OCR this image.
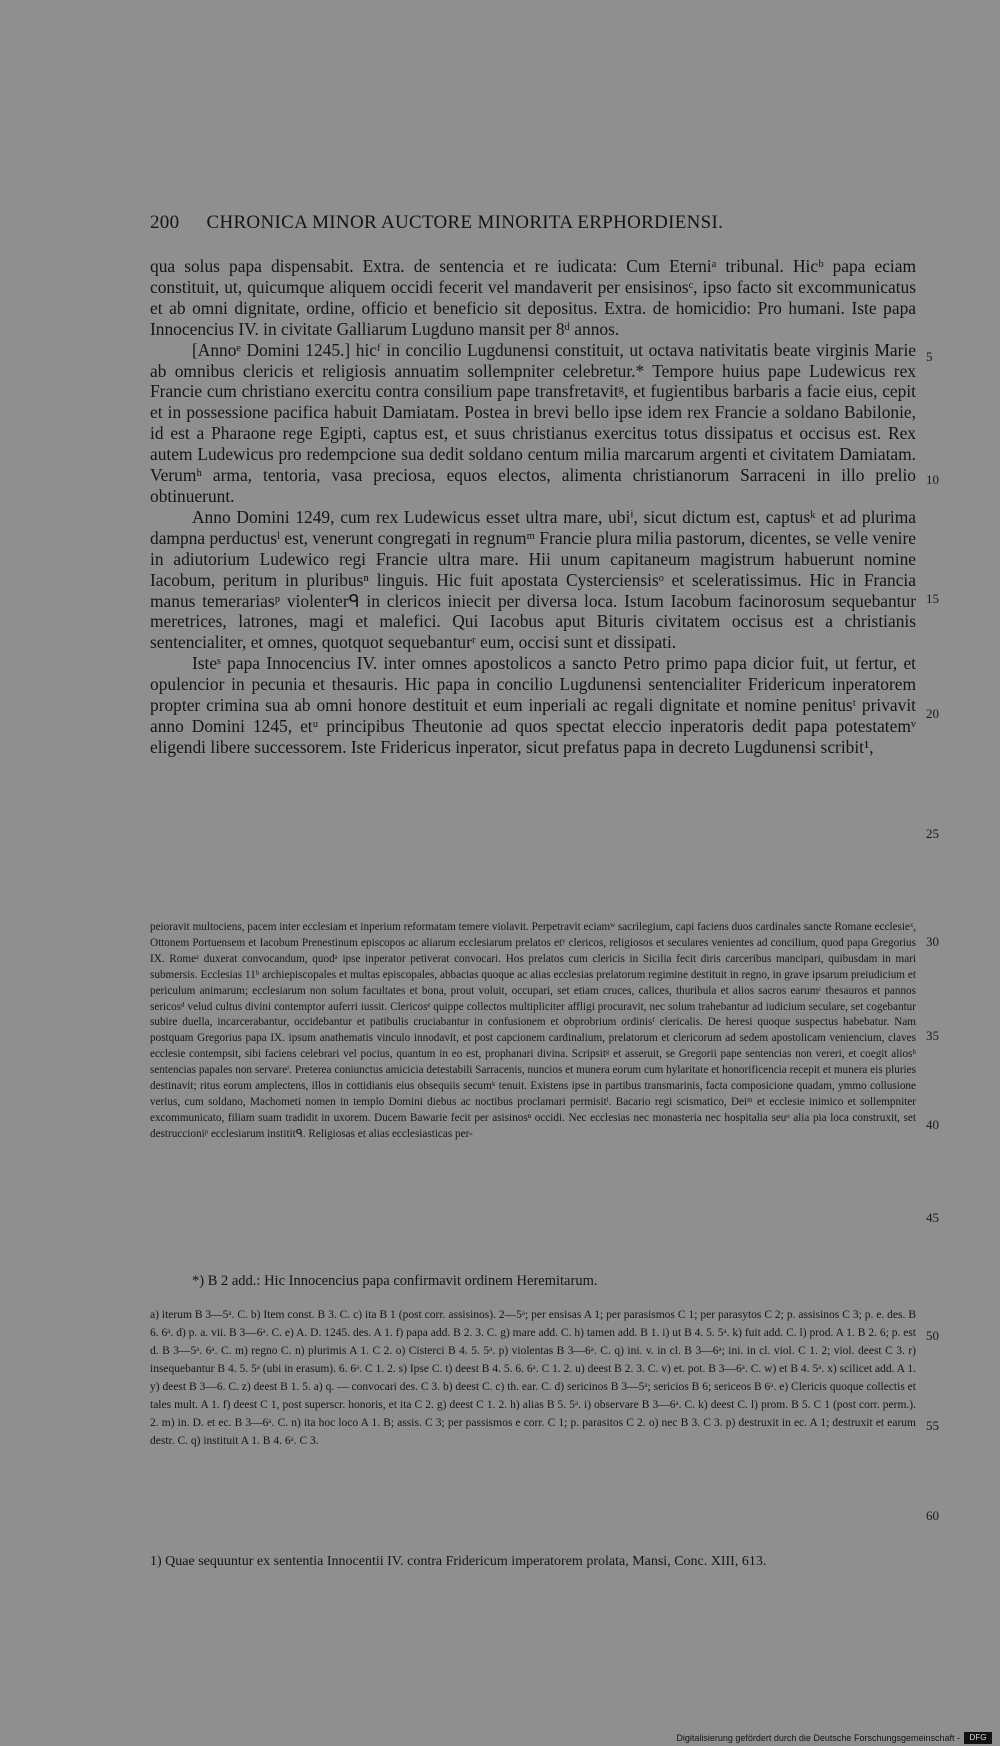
200 CHRONICA MINOR AUCTORE MINORITA ERPHORDIENSI.

qua solus papa dispensabit. Extra. de sentencia et re iudicata: Cum Eterniᵃ tribunal. Hicᵇ papa eciam constituit, ut, quicumque aliquem occidi fecerit vel mandaverit per ensisinosᶜ, ipso facto sit excommunicatus et ab omni dignitate, ordine, officio et beneficio sit depositus. Extra. de homicidio: Pro humani. Iste papa Innocencius IV. in civitate Galliarum Lugduno mansit per 8ᵈ annos.

[Annoᵉ Domini 1245.] hicᶠ in concilio Lugdunensi constituit, ut octava nativitatis beate virginis Marie ab omnibus clericis et religiosis annuatim sollempniter celebretur.* Tempore huius pape Ludewicus rex Francie cum christiano exercitu contra consilium pape transfretavitᵍ, et fugientibus barbaris a facie eius, cepit et in possessione pacifica habuit Damiatam. Postea in brevi bello ipse idem rex Francie a soldano Babilonie, id est a Pharaone rege Egipti, captus est, et suus christianus exercitus totus dissipatus et occisus est. Rex autem Ludewicus pro redempcione sua dedit soldano centum milia marcarum argenti et civitatem Damiatam. Verumʰ arma, tentoria, vasa preciosa, equos electos, alimenta christianorum Sarraceni in illo prelio obtinuerunt.

Anno Domini 1249, cum rex Ludewicus esset ultra mare, ubiⁱ, sicut dictum est, captusᵏ et ad plurima dampna perductusˡ est, venerunt congregati in regnumᵐ Francie plura milia pastorum, dicentes, se velle venire in adiutorium Ludewico regi Francie ultra mare. Hii unum capitaneum magistrum habuerunt nomine Iacobum, peritum in pluribusⁿ linguis. Hic fuit apostata Cysterciensisᵒ et sceleratissimus. Hic in Francia manus temerariasᵖ violenterᑫ in clericos iniecit per diversa loca. Istum Iacobum facinorosum sequebantur meretrices, latrones, magi et malefici. Qui Iacobus aput Bituris civitatem occisus est a christianis sentencialiter, et omnes, quotquot sequebanturʳ eum, occisi sunt et dissipati.

Isteˢ papa Innocencius IV. inter omnes apostolicos a sancto Petro primo papa dicior fuit, ut fertur, et opulencior in pecunia et thesauris. Hic papa in concilio Lugdunensi sentencialiter Fridericum inperatorem propter crimina sua ab omni honore destituit et eum inperiali ac regali dignitate et nomine penitusᵗ privavit anno Domini 1245, etᵘ principibus Theutonie ad quos spectat eleccio inperatoris dedit papa potestatemᵛ eligendi libere successorem. Iste Fridericus inperator, sicut prefatus papa in decreto Lugdunensi scribit¹,

peioravit multociens, pacem inter ecclesiam et inperium reformatam temere violavit. Perpetravit eciamʷ sacrilegium, capi faciens duos cardinales sancte Romane ecclesieˣ, Ottonem Portuensem et Iacobum Prenestinum episcopos ac aliarum ecclesiarum prelatos etʸ clericos, religiosos et seculares venientes ad concilium, quod papa Gregorius IX. Romeᶻ duxerat convocandum, quodᵃ ipse inperator petiverat convocari. Hos prelatos cum clericis in Sicilia fecit diris carceribus mancipari, quibusdam in mari submersis. Ecclesias 11ᵇ archiepiscopales et multas episcopales, abbacias quoque ac alias ecclesias prelatorum regimine destituit in regno, in grave ipsarum preiudicium et periculum animarum; ecclesiarum non solum facultates et bona, prout voluit, occupari, set etiam cruces, calices, thuribula et alios sacros earumᶜ thesauros et pannos sericosᵈ velud cultus divini contemptor auferri iussit. Clericosᵉ quippe collectos multipliciter affligi procuravit, nec solum trahebantur ad iudicium seculare, set cogebantur subire duella, incarcerabantur, occidebantur et patibulis cruciabantur in confusionem et obprobrium ordinisᶠ clericalis. De heresi quoque suspectus habebatur. Nam postquam Gregorius papa IX. ipsum anathematis vinculo innodavit, et post capcionem cardinalium, prelatorum et clericorum ad sedem apostolicam veniencium, claves ecclesie contempsit, sibi faciens celebrari vel pocius, quantum in eo est, prophanari divina. Scripsitᵍ et asseruit, se Gregorii pape sentencias non vereri, et coegit aliosʰ sentencias papales non servareⁱ. Preterea coniunctus amicicia detestabili Sarracenis, nuncios et munera eorum cum hylaritate et honorificencia recepit et munera eis pluries destinavit; ritus eorum amplectens, illos in cottidianis eius obsequiis secumᵏ tenuit. Existens ipse in partibus transmarinis, facta composicione quadam, ymmo collusione verius, cum soldano, Machometi nomen in templo Domini diebus ac noctibus proclamari permisitˡ. Bacario regi scismatico, Deiᵐ et ecclesie inimico et sollempniter excommunicato, filiam suam tradidit in uxorem. Ducem Bawarie fecit per asisinosⁿ occidi. Nec ecclesias nec monasteria nec hospitalia seuᵒ alia pia loca construxit, set destruccioniᵖ ecclesiarum instititᑫ. Religiosas et alias ecclesiasticas per-
*) B 2 add.: Hic Innocencius papa confirmavit ordinem Heremitarum.
a) iterum B 3—5ᵃ. C. b) Item const. B 3. C. c) ita B 1 (post corr. assisinos). 2—5ᵃ; per ensisas A 1; per parasismos C 1; per parasytos C 2; p. assisinos C 3; p. e. des. B 6. 6ᵃ. d) p. a. vii. B 3—6ᵃ. C. e) A. D. 1245. des. A 1. f) papa add. B 2. 3. C. g) mare add. C. h) tamen add. B 1. i) ut B 4. 5. 5ᵃ. k) fuit add. C. l) prod. A 1. B 2. 6; p. est d. B 3—5ᵃ. 6ᵃ. C. m) regno C. n) plurimis A 1. C 2. o) Cisterci B 4. 5. 5ᵃ. p) violentas B 3—6ᵃ. C. q) ini. v. in cl. B 3—6ᵃ; ini. in cl. viol. C 1. 2; viol. deest C 3. r) insequebantur B 4. 5. 5ᵃ (ubi in erasum). 6. 6ᵃ. C 1. 2. s) Ipse C. t) deest B 4. 5. 6. 6ᵃ. C 1. 2. u) deest B 2. 3. C. v) et. pot. B 3—6ᵃ. C. w) et B 4. 5ᵃ. x) scilicet add. A 1. y) deest B 3—6. C. z) deest B 1. 5. a) q. — convocari des. C 3. b) deest C. c) th. ear. C. d) sericinos B 3—5ᵃ; sericios B 6; sericeos B 6ᵃ. e) Clericis quoque collectis et tales mult. A 1. f) deest C 1, post superscr. honoris, et ita C 2. g) deest C 1. 2. h) alias B 5. 5ᵃ. i) observare B 3—6ᵃ. C. k) deest C. l) prom. B 5. C 1 (post corr. perm.). 2. m) in. D. et ec. B 3—6ᵃ. C. n) ita hoc loco A 1. B; assis. C 3; per passismos e corr. C 1; p. parasitos C 2. o) nec B 3. C 3. p) destruxit in ec. A 1; destruxit et earum destr. C. q) instituit A 1. B 4. 6ᵃ. C 3.
1) Quae sequuntur ex sententia Innocentii IV. contra Fridericum imperatorem prolata, Mansi, Conc. XIII, 613.
5
10
15
20
25
30
35
40
45
50
55
60
Digitalisierung gefördert durch die Deutsche Forschungsgemeinschaft -	DFG
